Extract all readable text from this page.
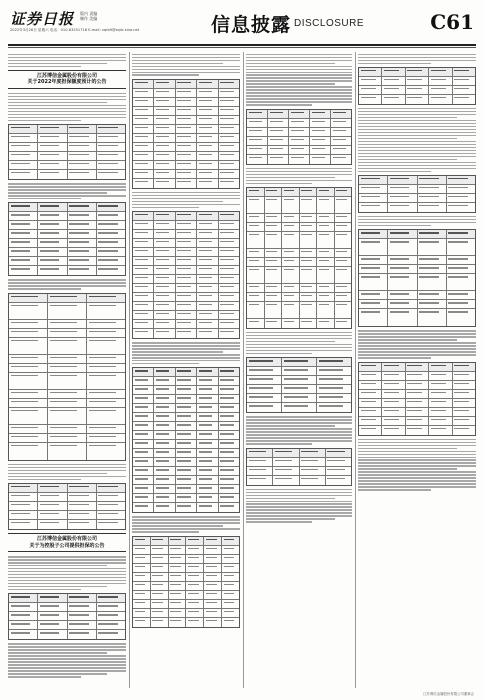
证券日报 版内 责编
制作 美编
2022年3月26日 星期六 电话：010-83251716 E-mail: zqrb9@zqrb.sina.net	信息披露 DISCLOSURE	C61
江苏博信金属股份有限公司
关于2022年度担保额度预计的公告
江苏博信金属股份有限公司
关于为控股子公司提供担保的公告
江苏博信金属股份有限公司董事会
